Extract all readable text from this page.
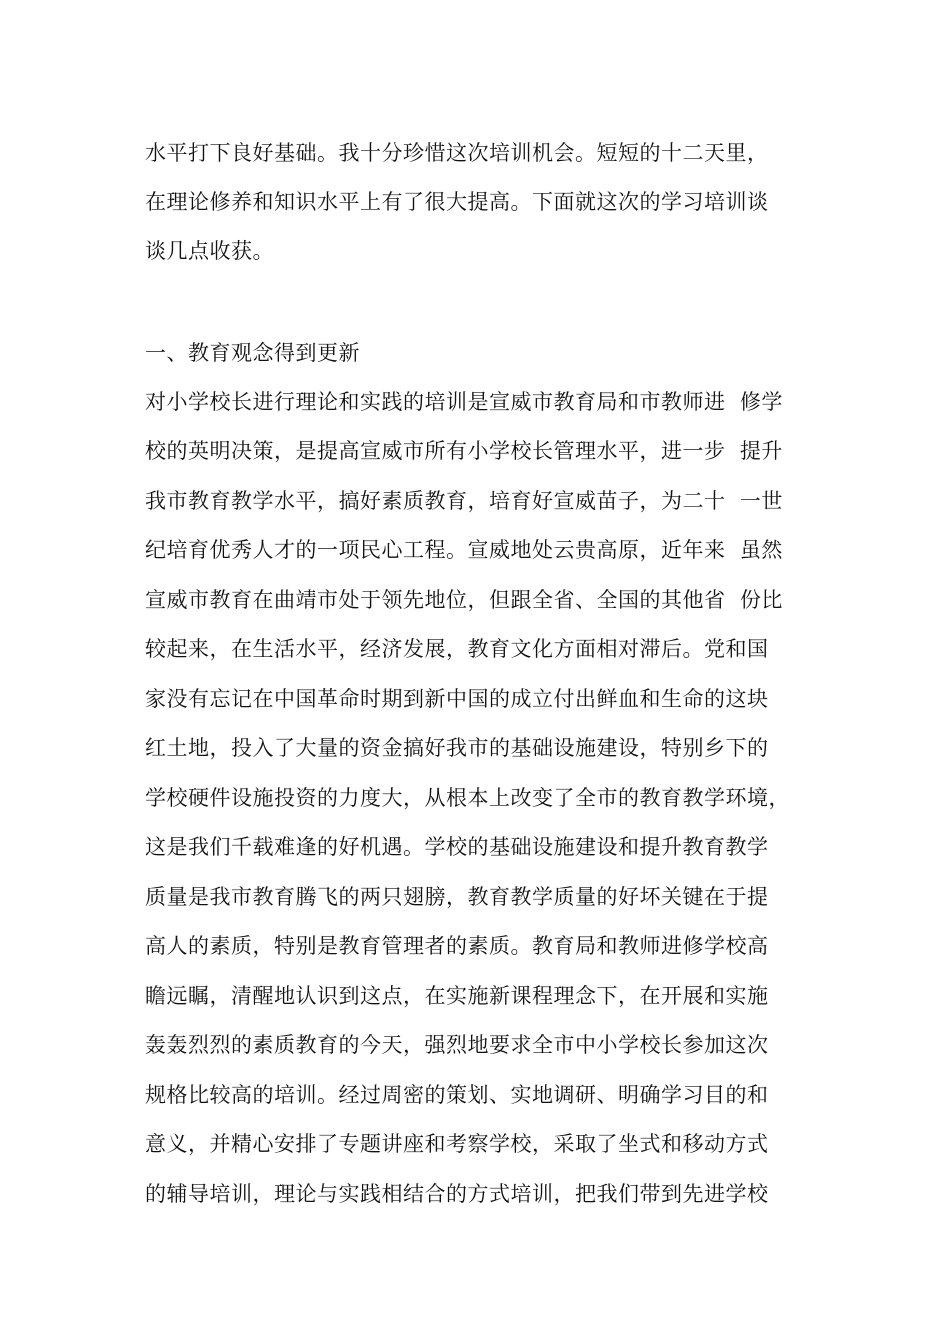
水平打下良好基础。我十分珍惜这次培训机会。短短的十二天里，
在理论修养和知识水平上有了很大提高。下面就这次的学习培训谈
谈几点收获。
一、教育观念得到更新
对小学校长进行理论和实践的培训是宣威市教育局和市教师进  修学
校的英明决策，是提高宣威市所有小学校长管理水平，进一步  提升
我市教育教学水平，搞好素质教育，培育好宣威苗子，为二十  一世
纪培育优秀人才的一项民心工程。宣威地处云贵高原，近年来  虽然
宣威市教育在曲靖市处于领先地位，但跟全省、全国的其他省  份比
较起来，在生活水平，经济发展，教育文化方面相对滞后。党和国
家没有忘记在中国革命时期到新中国的成立付出鲜血和生命的这块
红土地，投入了大量的资金搞好我市的基础设施建设，特别乡下的
学校硬件设施投资的力度大，从根本上改变了全市的教育教学环境，
这是我们千载难逢的好机遇。学校的基础设施建设和提升教育教学
质量是我市教育腾飞的两只翅膀，教育教学质量的好坏关键在于提
高人的素质，特别是教育管理者的素质。教育局和教师进修学校高
瞻远瞩，清醒地认识到这点，在实施新课程理念下，在开展和实施
轰轰烈烈的素质教育的今天，强烈地要求全市中小学校长参加这次
规格比较高的培训。经过周密的策划、实地调研、明确学习目的和
意义，并精心安排了专题讲座和考察学校，采取了坐式和移动方式
的辅导培训，理论与实践相结合的方式培训，把我们带到先进学校
